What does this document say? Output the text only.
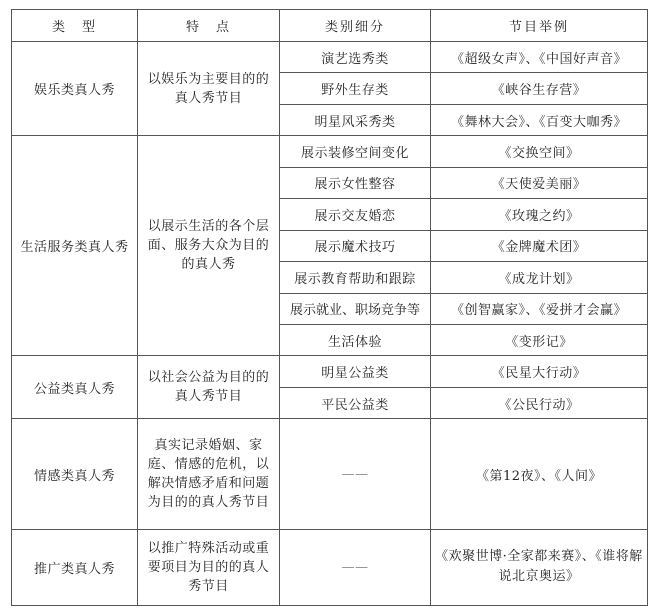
类　型	特　点	类别细分	节目举例
娱乐类真人秀	以娱乐为主要目的的真人秀节目	演艺选秀类	《超级女声》、《中国好声音》
		野外生存类	《峡谷生存营》
		明星风采秀类	《舞林大会》、《百变大咖秀》
生活服务类真人秀	以展示生活的各个层面、服务大众为目的的真人秀	展示装修空间变化	《交换空间》
		展示女性整容	《天使爱美丽》
		展示交友婚恋	《玫瑰之约》
		展示魔术技巧	《金牌魔术团》
		展示教育帮助和跟踪	《成龙计划》
		展示就业、职场竞争等	《创智赢家》、《爱拼才会赢》
		生活体验	《变形记》
公益类真人秀	以社会公益为目的的真人秀节目	明星公益类	《民星大行动》
		平民公益类	《公民行动》
情感类真人秀	真实记录婚姻、家庭、情感的危机，以解决情感矛盾和问题为目的的真人秀节目	——	《第12夜》、《人间》
推广类真人秀	以推广特殊活动或重要项目为目的的真人秀节目	——	《欢聚世博·全家都来赛》、《谁将解说北京奥运》
